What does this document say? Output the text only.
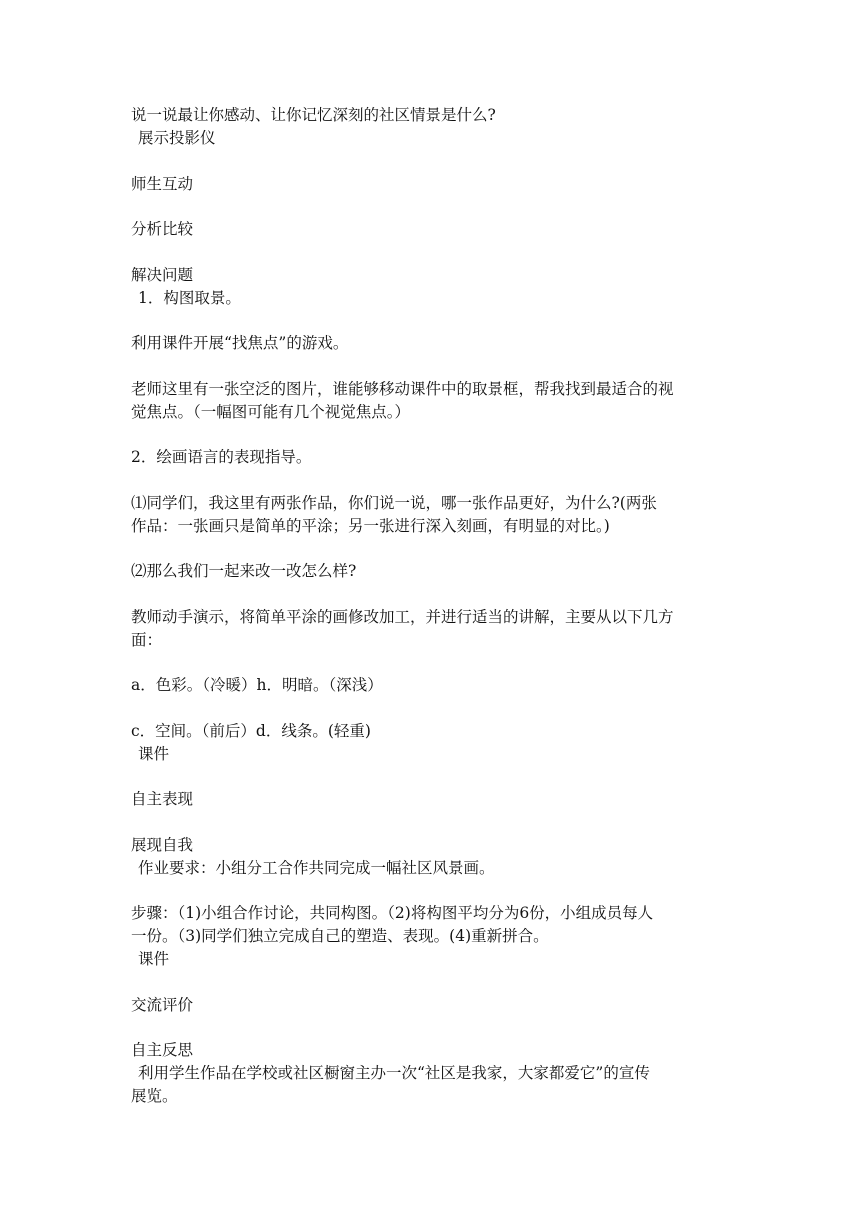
说一说最让你感动、让你记忆深刻的社区情景是什么?
展示投影仪
师生互动
分析比较
解决问题
1．构图取景。
利用课件开展“找焦点”的游戏。
老师这里有一张空泛的图片，谁能够移动课件中的取景框，帮我找到最适合的视
觉焦点。（一幅图可能有几个视觉焦点。）
2．绘画语言的表现指导。
⑴同学们，我这里有两张作品，你们说一说，哪一张作品更好，为什么?(两张
作品：一张画只是简单的平涂；另一张进行深入刻画，有明显的对比。)
⑵那么我们一起来改一改怎么样?
教师动手演示，将简单平涂的画修改加工，并进行适当的讲解，主要从以下几方
面：
a．色彩。（冷暖）h．明暗。（深浅）
c．空间。（前后）d．线条。(轻重)
课件
自主表现
展现自我
作业要求：小组分工合作共同完成一幅社区风景画。
步骤：（1)小组合作讨论，共同构图。（2)将构图平均分为6份，小组成员每人
一份。（3)同学们独立完成自己的塑造、表现。(4)重新拼合。
课件
交流评价
自主反思
利用学生作品在学校或社区橱窗主办一次“社区是我家，大家都爱它”的宣传
展览。
